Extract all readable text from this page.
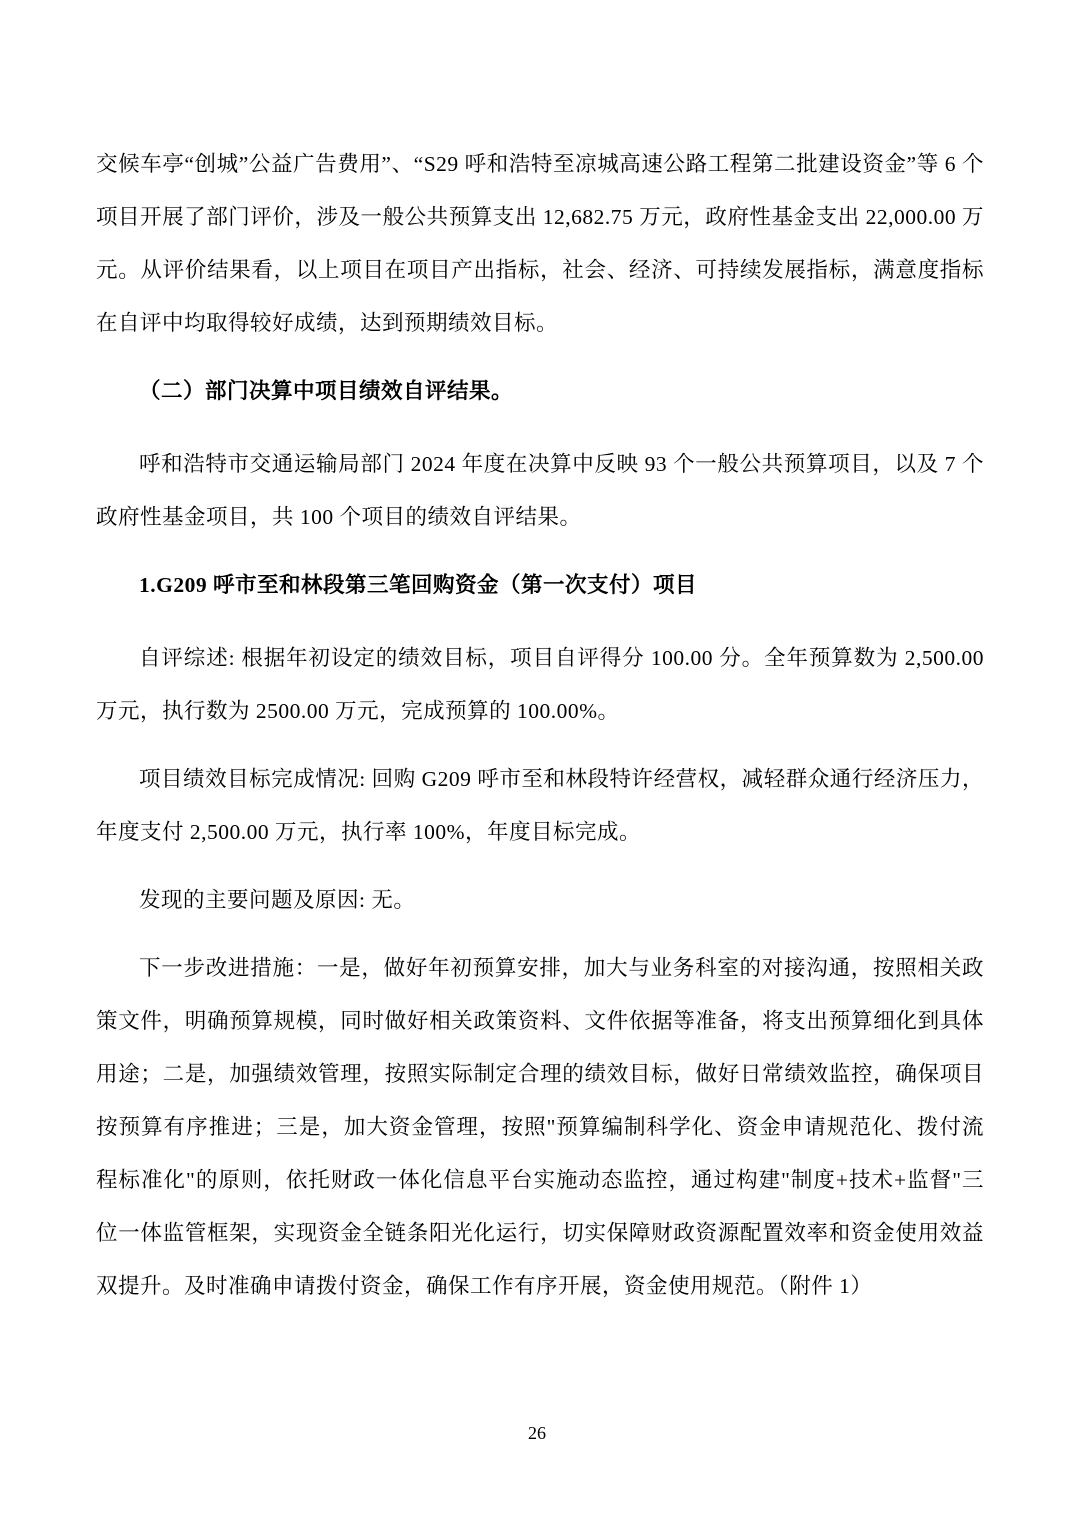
交候车亭“创城”公益广告费用”、“S29 呼和浩特至凉城高速公路工程第二批建设资金”等 6 个项目开展了部门评价，涉及一般公共预算支出 12,682.75 万元，政府性基金支出 22,000.00 万元。从评价结果看，以上项目在项目产出指标，社会、经济、可持续发展指标，满意度指标在自评中均取得较好成绩，达到预期绩效目标。

（二）部门决算中项目绩效自评结果。

呼和浩特市交通运输局部门 2024 年度在决算中反映 93 个一般公共预算项目，以及 7 个政府性基金项目，共 100 个项目的绩效自评结果。

1.G209 呼市至和林段第三笔回购资金（第一次支付）项目

自评综述: 根据年初设定的绩效目标，项目自评得分 100.00 分。全年预算数为 2,500.00 万元，执行数为 2500.00 万元，完成预算的 100.00%。

项目绩效目标完成情况: 回购 G209 呼市至和林段特许经营权，减轻群众通行经济压力，年度支付 2,500.00 万元，执行率 100%，年度目标完成。

发现的主要问题及原因: 无。

下一步改进措施：一是，做好年初预算安排，加大与业务科室的对接沟通，按照相关政策文件，明确预算规模，同时做好相关政策资料、文件依据等准备，将支出预算细化到具体用途；二是，加强绩效管理，按照实际制定合理的绩效目标，做好日常绩效监控，确保项目按预算有序推进；三是，加大资金管理，按照"预算编制科学化、资金申请规范化、拨付流程标准化"的原则，依托财政一体化信息平台实施动态监控，通过构建"制度+技术+监督"三位一体监管框架，实现资金全链条阳光化运行，切实保障财政资源配置效率和资金使用效益双提升。及时准确申请拨付资金，确保工作有序开展，资金使用规范。（附件 1）

26
